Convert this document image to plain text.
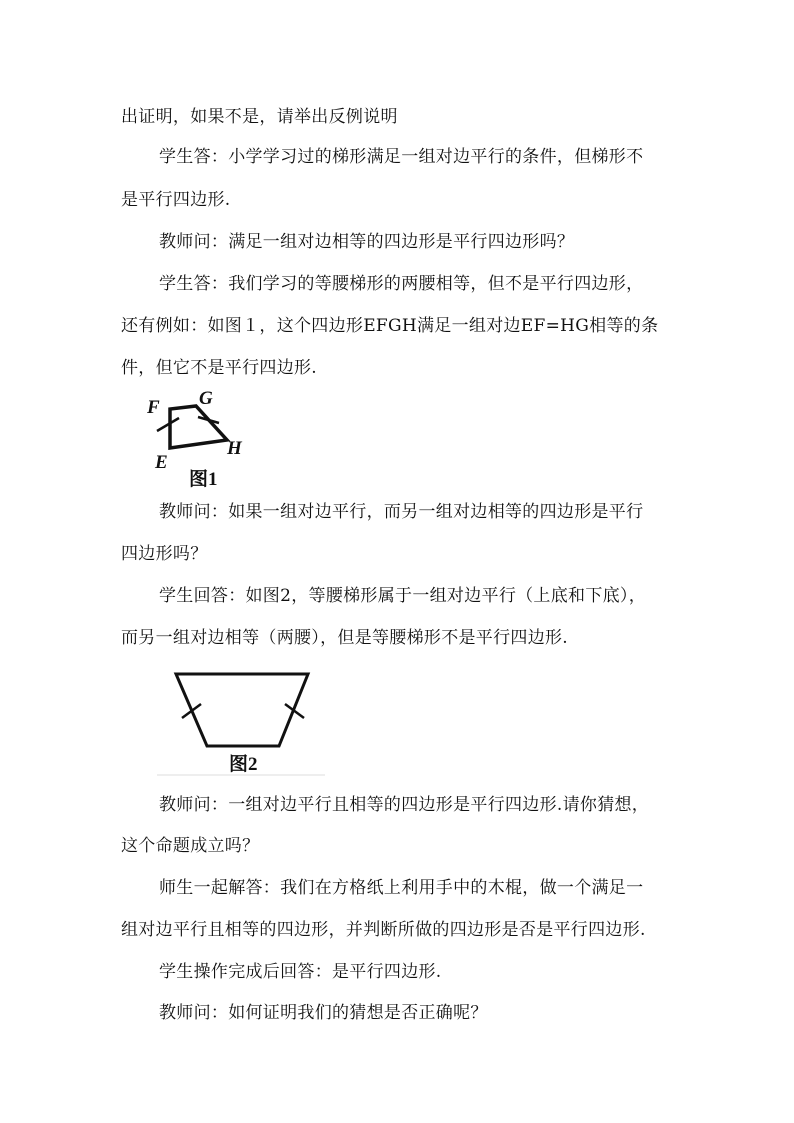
出证明，如果不是，请举出反例说明
学生答：小学学习过的梯形满足一组对边平行的条件，但梯形不
是平行四边形.
教师问：满足一组对边相等的四边形是平行四边形吗？
学生答：我们学习的等腰梯形的两腰相等，但不是平行四边形，
还有例如：如图１，这个四边形EFGH满足一组对边EF=HG相等的条
件，但它不是平行四边形.
F G
H
E
图1
教师问：如果一组对边平行，而另一组对边相等的四边形是平行
四边形吗？
学生回答：如图2，等腰梯形属于一组对边平行（上底和下底），
而另一组对边相等（两腰），但是等腰梯形不是平行四边形.
图2
教师问：一组对边平行且相等的四边形是平行四边形.请你猜想，
这个命题成立吗？
师生一起解答：我们在方格纸上利用手中的木棍，做一个满足一
组对边平行且相等的四边形，并判断所做的四边形是否是平行四边形.
学生操作完成后回答：是平行四边形.
教师问：如何证明我们的猜想是否正确呢？
